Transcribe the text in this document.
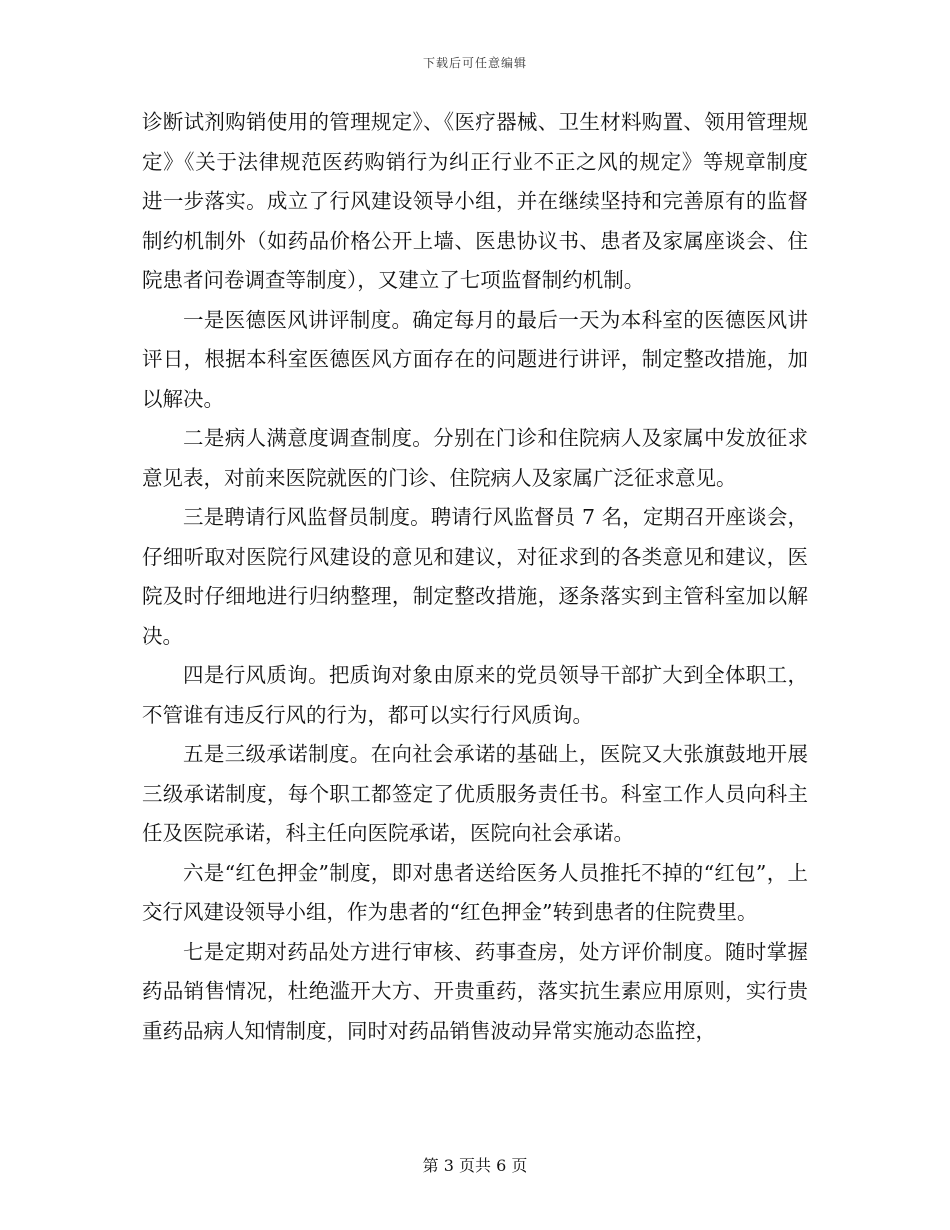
下载后可任意编辑

诊断试剂购销使用的管理规定》、《医疗器械、卫生材料购置、领用管理规定》《关于法律规范医药购销行为纠正行业不正之风的规定》等规章制度进一步落实。成立了行风建设领导小组，并在继续坚持和完善原有的监督制约机制外（如药品价格公开上墙、医患协议书、患者及家属座谈会、住院患者问卷调查等制度），又建立了七项监督制约机制。

一是医德医风讲评制度。确定每月的最后一天为本科室的医德医风讲评日，根据本科室医德医风方面存在的问题进行讲评，制定整改措施，加以解决。

二是病人满意度调查制度。分别在门诊和住院病人及家属中发放征求意见表，对前来医院就医的门诊、住院病人及家属广泛征求意见。

三是聘请行风监督员制度。聘请行风监督员 7 名，定期召开座谈会，仔细听取对医院行风建设的意见和建议，对征求到的各类意见和建议，医院及时仔细地进行归纳整理，制定整改措施，逐条落实到主管科室加以解决。

四是行风质询。把质询对象由原来的党员领导干部扩大到全体职工，不管谁有违反行风的行为，都可以实行行风质询。

五是三级承诺制度。在向社会承诺的基础上，医院又大张旗鼓地开展三级承诺制度，每个职工都签定了优质服务责任书。科室工作人员向科主任及医院承诺，科主任向医院承诺，医院向社会承诺。

六是“红色押金”制度，即对患者送给医务人员推托不掉的“红包”，上交行风建设领导小组，作为患者的“红色押金”转到患者的住院费里。

七是定期对药品处方进行审核、药事查房，处方评价制度。随时掌握药品销售情况，杜绝滥开大方、开贵重药，落实抗生素应用原则，实行贵重药品病人知情制度，同时对药品销售波动异常实施动态监控，

第 3 页共 6 页
